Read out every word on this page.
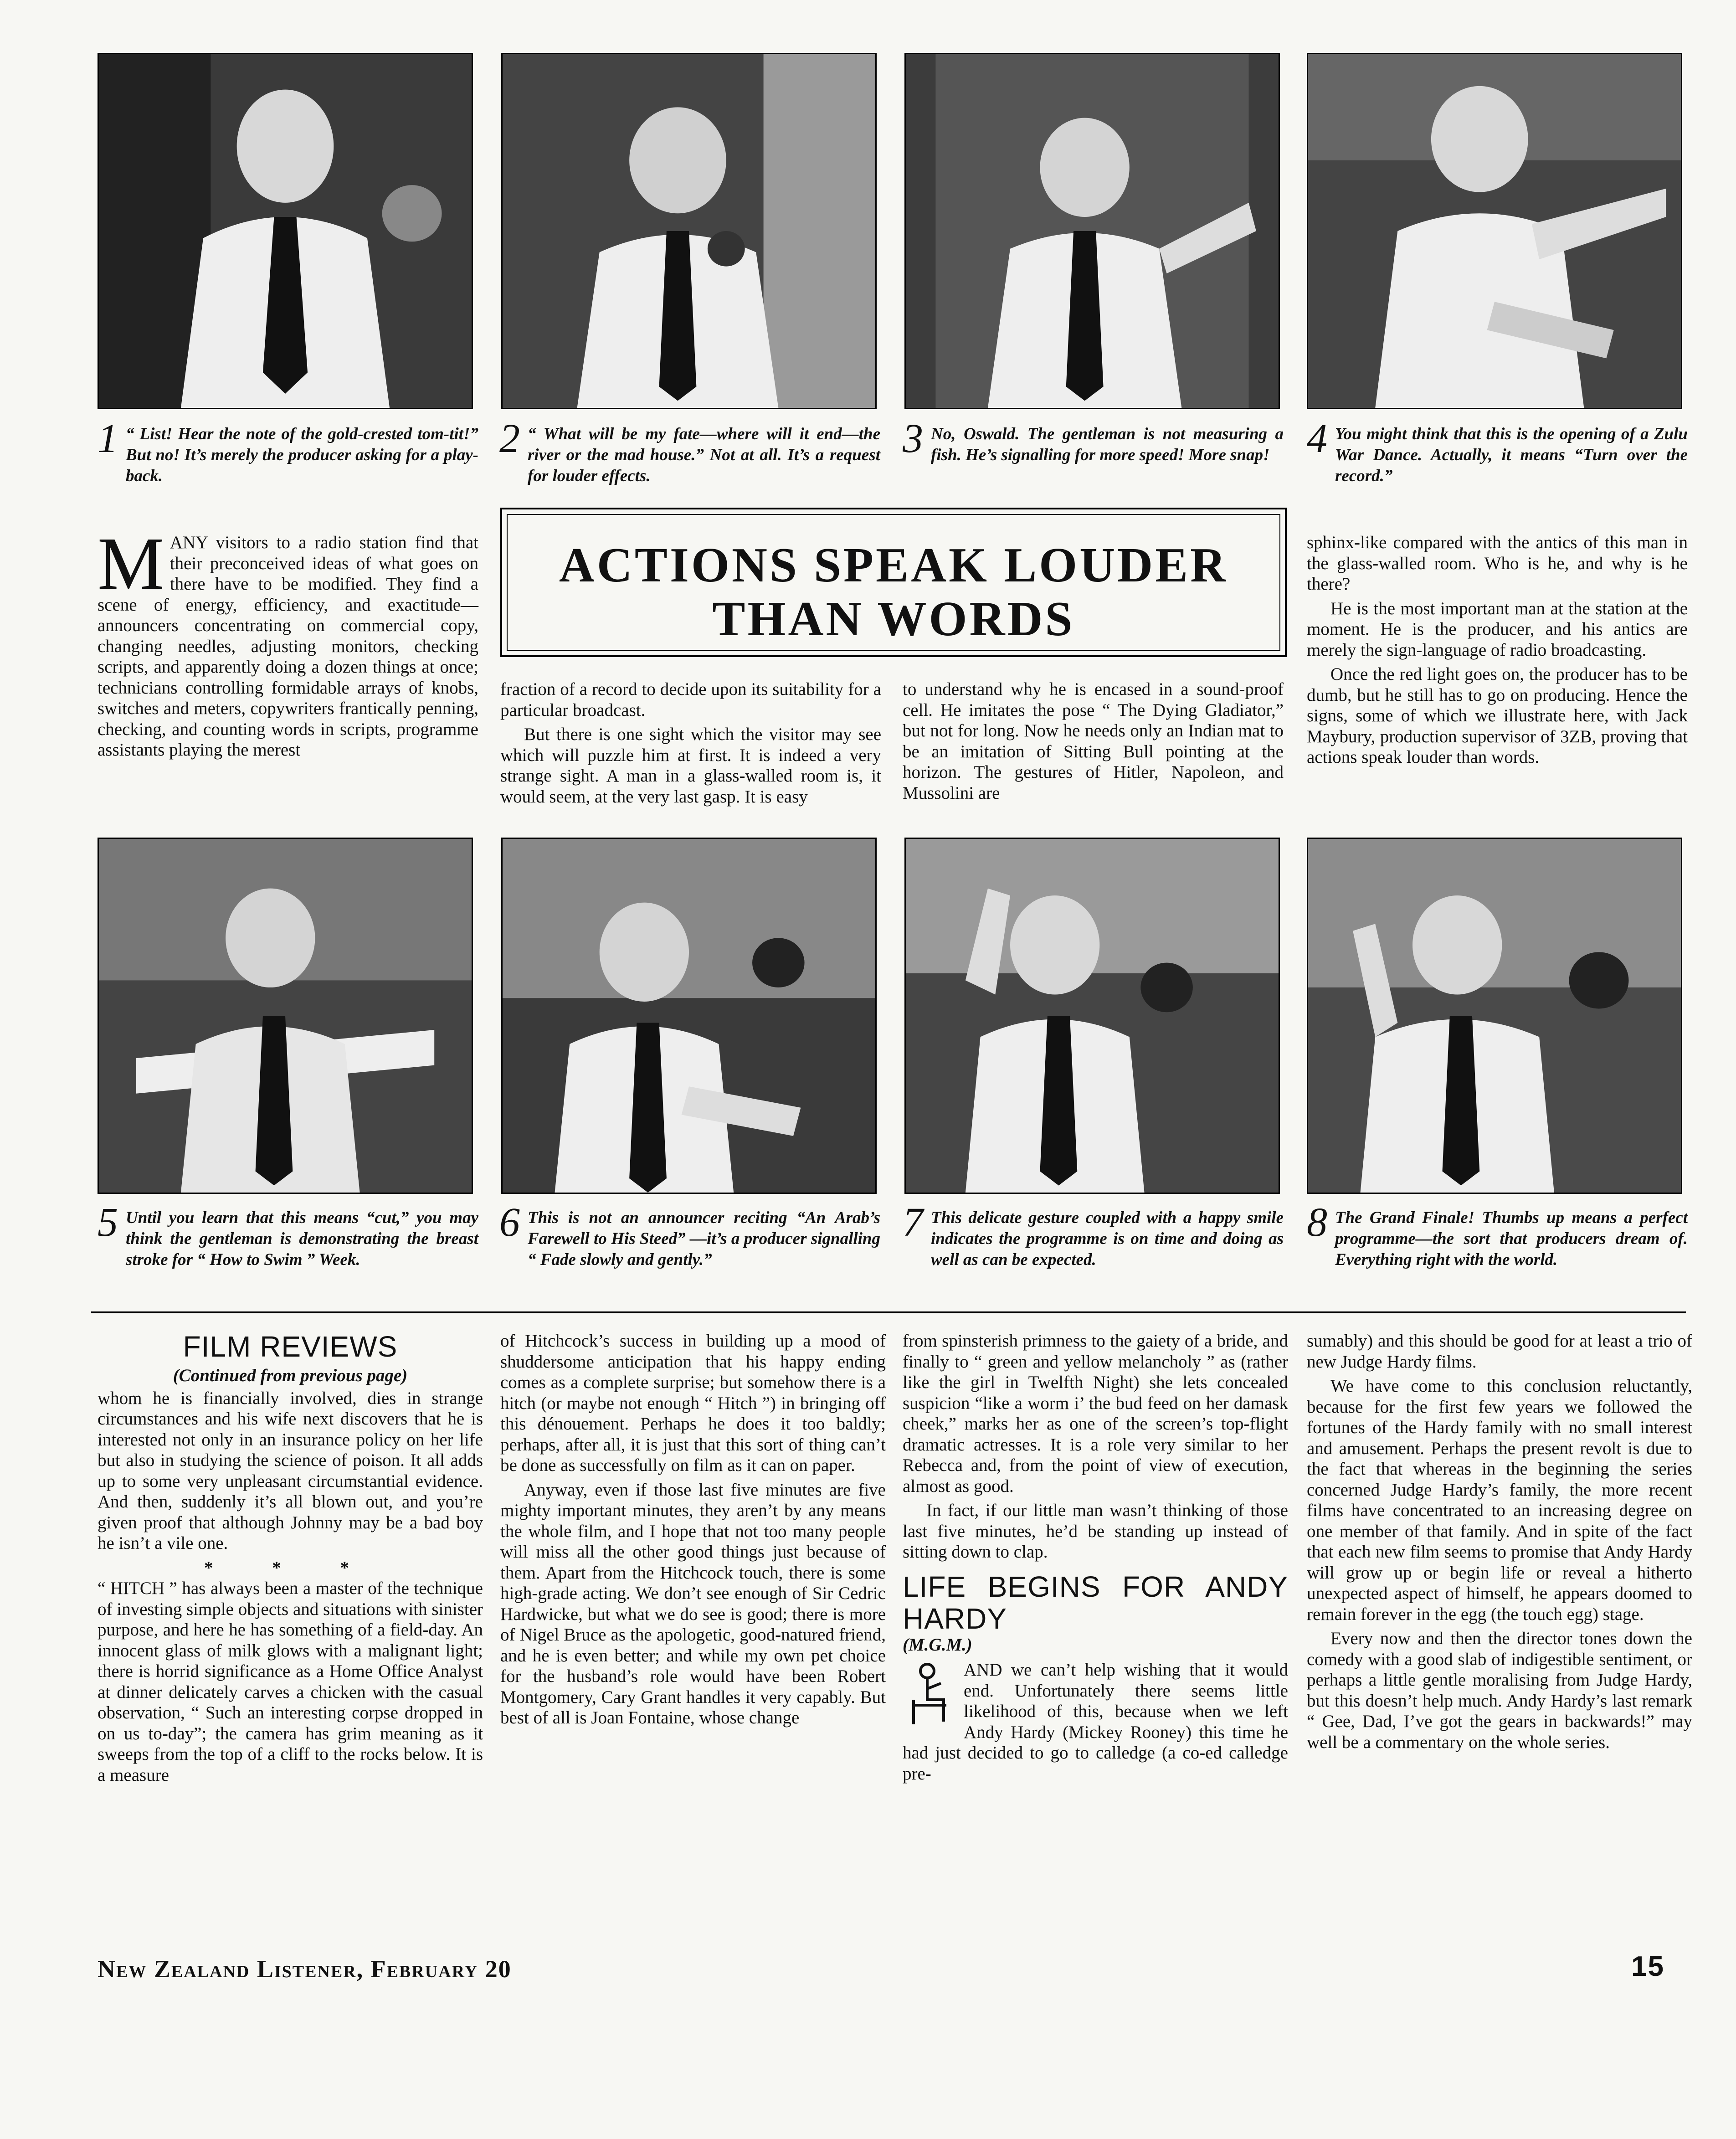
1 “ List! Hear the note of the gold-crested tom-tit!” But no! It’s merely the producer asking for a play-back.
2 “ What will be my fate—where will it end—the river or the mad house.” Not at all. It’s a request for louder effects.
3 No, Oswald. The gentleman is not measuring a fish. He’s signalling for more speed! More snap! 4 You might think that this is the opening of a Zulu War Dance. Actually, it means “Turn over the record.”
M ANY visitors to a radio station find that their preconceived ideas of what goes on there have to be modified. They find a scene of energy, efficiency, and exactitude—announcers concentrating on commercial copy, changing needles, adjusting monitors, checking scripts, and apparently doing a dozen things at once; technicians controlling formidable arrays of knobs, switches and meters, copywriters frantically penning, checking, and counting words in scripts, programme assistants playing the merest
ACTIONS SPEAK LOUDER
THAN WORDS

fraction of a record to decide upon its suitability for a particular broadcast.

But there is one sight which the visitor may see which will puzzle him at first. It is indeed a very strange sight. A man in a glass-walled room is, it would seem, at the very last gasp. It is easy

to understand why he is encased in a sound-proof cell. He imitates the pose “ The Dying Gladiator,” but not for long. Now he needs only an Indian mat to be an imitation of Sitting Bull pointing at the horizon. The gestures of Hitler, Napoleon, and Mussolini are

sphinx-like compared with the antics of this man in the glass-walled room. Who is he, and why is he there?

He is the most important man at the station at the moment. He is the producer, and his antics are merely the sign-language of radio broadcasting.

Once the red light goes on, the producer has to be dumb, but he still has to go on producing. Hence the signs, some of which we illustrate here, with Jack Maybury, production supervisor of 3ZB, proving that actions speak louder than words.

5 Until you learn that this means “cut,” you may think the gentleman is demonstrating the breast stroke for “ How to Swim ” Week.
6 This is not an announcer reciting “An Arab’s Farewell to His Steed” —it’s a producer signalling “ Fade slowly and gently.”
7 This delicate gesture coupled with a happy smile indicates the programme is on time and doing as well as can be expected.
8 The Grand Finale! Thumbs up means a perfect programme—the sort that producers dream of. Everything right with the world.
FILM REVIEWS
(Continued from previous page)

whom he is financially involved, dies in strange circumstances and his wife next discovers that he is interested not only in an insurance policy on her life but also in studying the science of poison. It all adds up to some very unpleasant circumstantial evidence. And then, suddenly it’s all blown out, and you’re given proof that although Johnny may be a bad boy he isn’t a vile one.

* * *

“ HITCH ” has always been a master of the technique of investing simple objects and situations with sinister purpose, and here he has something of a field-day. An innocent glass of milk glows with a malignant light; there is horrid significance as a Home Office Analyst at dinner delicately carves a chicken with the casual observation, “ Such an interesting corpse dropped in on us to-day”; the camera has grim meaning as it sweeps from the top of a cliff to the rocks below. It is a measure

of Hitchcock’s success in building up a mood of shuddersome anticipation that his happy ending comes as a complete surprise; but somehow there is a hitch (or maybe not enough “ Hitch ”) in bringing off this dénouement. Perhaps he does it too baldly; perhaps, after all, it is just that this sort of thing can’t be done as successfully on film as it can on paper.

Anyway, even if those last five minutes are five mighty important minutes, they aren’t by any means the whole film, and I hope that not too many people will miss all the other good things just because of them. Apart from the Hitchcock touch, there is some high-grade acting. We don’t see enough of Sir Cedric Hardwicke, but what we do see is good; there is more of Nigel Bruce as the apologetic, good-natured friend, and he is even better; and while my own pet choice for the husband’s role would have been Robert Montgomery, Cary Grant handles it very capably. But best of all is Joan Fontaine, whose change

from spinsterish primness to the gaiety of a bride, and finally to “ green and yellow melancholy ” as (rather like the girl in Twelfth Night) she lets concealed suspicion “like a worm i’ the bud feed on her damask cheek,” marks her as one of the screen’s top-flight dramatic actresses. It is a role very similar to her Rebecca and, from the point of view of execution, almost as good.

In fact, if our little man wasn’t thinking of those last five minutes, he’d be standing up instead of sitting down to clap.

LIFE BEGINS FOR ANDY HARDY
(M.G.M.)

AND we can’t help wishing that it would end. Unfortunately there seems little likelihood of this, because when we left Andy Hardy (Mickey Rooney) this time he had just decided to go to calledge (a co-ed calledge pre-

sumably) and this should be good for at least a trio of new Judge Hardy films.

We have come to this conclusion reluctantly, because for the first few years we followed the fortunes of the Hardy family with no small interest and amusement. Perhaps the present revolt is due to the fact that whereas in the beginning the series concerned Judge Hardy’s family, the more recent films have concentrated to an increasing degree on one member of that family. And in spite of the fact that each new film seems to promise that Andy Hardy will grow up or begin life or reveal a hitherto unexpected aspect of himself, he appears doomed to remain forever in the egg (the touch egg) stage.

Every now and then the director tones down the comedy with a good slab of indigestible sentiment, or perhaps a little gentle moralising from Judge Hardy, but this doesn’t help much. Andy Hardy’s last remark “ Gee, Dad, I’ve got the gears in backwards!” may well be a commentary on the whole series.

New Zealand Listener, February 20	15
